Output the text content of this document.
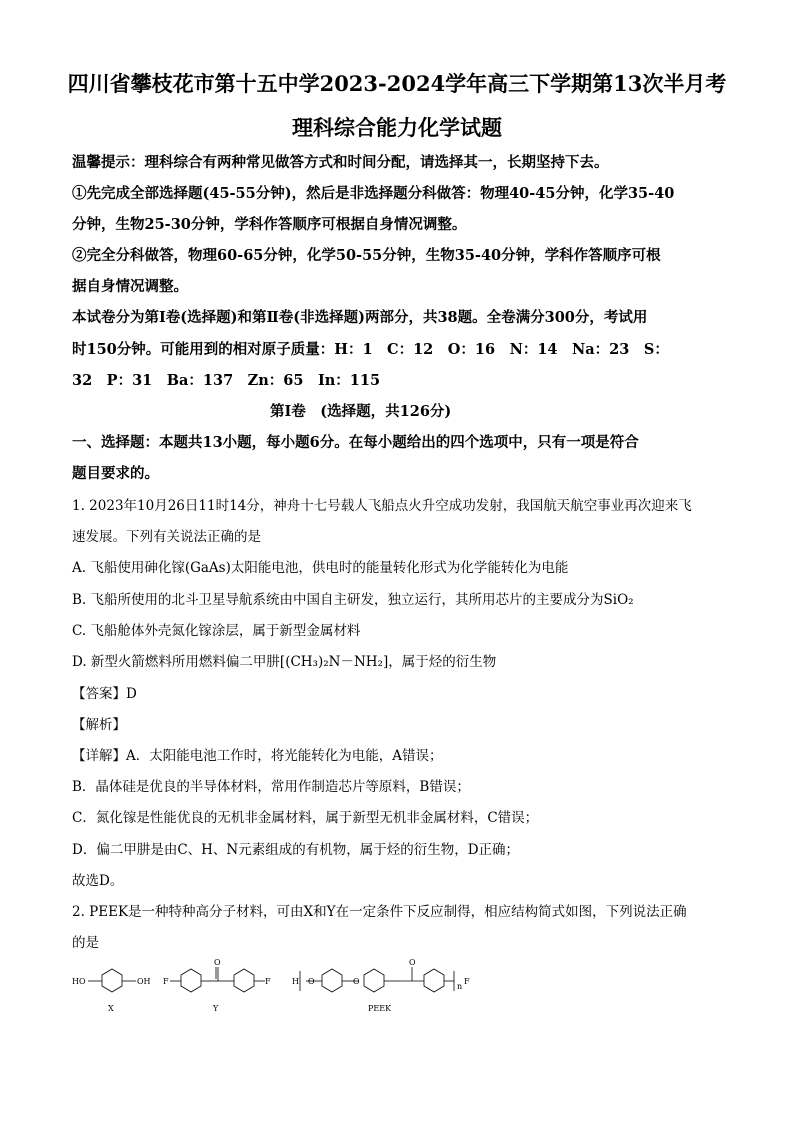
四川省攀枝花市第十五中学2023-2024学年高三下学期第13次半月考
理科综合能力化学试题
温馨提示：理科综合有两种常见做答方式和时间分配，请选择其一，长期坚持下去。
①先完成全部选择题(45-55分钟)，然后是非选择题分科做答：物理40-45分钟，化学35-40
分钟，生物25-30分钟，学科作答顺序可根据自身情况调整。
②完全分科做答，物理60-65分钟，化学50-55分钟，生物35-40分钟，学科作答顺序可根
据自身情况调整。
本试卷分为第Ⅰ卷(选择题)和第Ⅱ卷(非选择题)两部分，共38题。全卷满分300分，考试用
时150分钟。可能用到的相对原子质量：H：1　C：12　O：16　N：14　Na：23　S：
32　P：31　Ba：137　Zn：65　In：115
第Ⅰ卷　(选择题，共126分)
一、选择题：本题共13小题，每小题6分。在每小题给出的四个选项中，只有一项是符合
题目要求的。
1. 2023年10月26日11时14分，神舟十七号载人飞船点火升空成功发射，我国航天航空事业再次迎来飞
速发展。下列有关说法正确的是
A. 飞船使用砷化镓(GaAs)太阳能电池，供电时的能量转化形式为化学能转化为电能
B. 飞船所使用的北斗卫星导航系统由中国自主研发，独立运行，其所用芯片的主要成分为SiO₂
C. 飞船舱体外壳氮化镓涂层，属于新型金属材料
D. 新型火箭燃料所用燃料偏二甲肼[(CH₃)₂N－NH₂]，属于烃的衍生物
【答案】D
【解析】
【详解】A．太阳能电池工作时，将光能转化为电能，A错误；
B．晶体硅是优良的半导体材料，常用作制造芯片等原料，B错误；
C．氮化镓是性能优良的无机非金属材料，属于新型无机非金属材料，C错误；
D．偏二甲肼是由C、H、N元素组成的有机物，属于烃的衍生物，D正确；
故选D。
2. PEEK是一种特种高分子材料，可由X和Y在一定条件下反应制得，相应结构简式如图，下列说法正确
的是
HO	OH F	F
O
H O	O
O
n
F
X	Y	PEEK
